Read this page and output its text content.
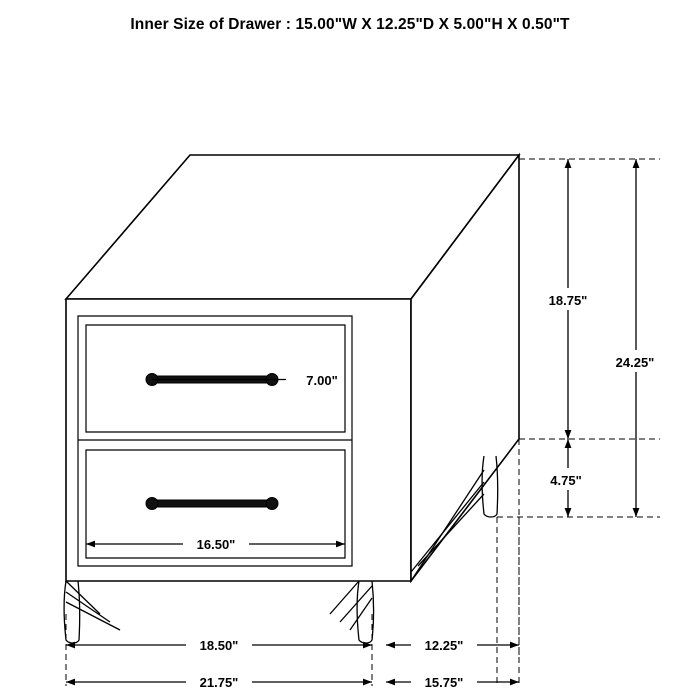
Inner Size of Drawer : 15.00"W X 12.25"D X 5.00"H X 0.50"T
18.75"
4.75"
24.25"
7.00"
16.50"
18.50"	12.25"
21.75"	15.75"
